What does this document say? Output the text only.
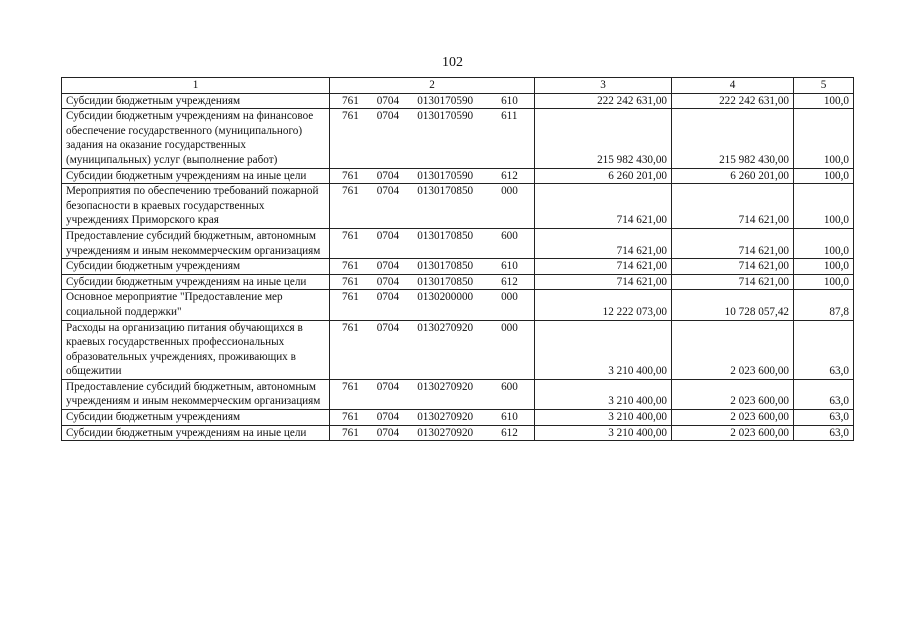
102
1	2	3	4	5
Субсидии бюджетным учреждениям	761 0704 0130170590 610	222 242 631,00	222 242 631,00	100,0
Субсидии бюджетным учреждениям на финансовое обеспечение государственного (муниципального) задания на оказание государственных (муниципальных) услуг (выполнение работ)	761 0704 0130170590 611	215 982 430,00	215 982 430,00	100,0
Субсидии бюджетным учреждениям на иные цели	761 0704 0130170590 612	6 260 201,00	6 260 201,00	100,0
Мероприятия по обеспечению требований пожарной безопасности в краевых государственных учреждениях Приморского края	761 0704 0130170850 000	714 621,00	714 621,00	100,0
Предоставление субсидий бюджетным, автономным учреждениям и иным некоммерческим организациям	761 0704 0130170850 600	714 621,00	714 621,00	100,0
Субсидии бюджетным учреждениям	761 0704 0130170850 610	714 621,00	714 621,00	100,0
Субсидии бюджетным учреждениям на иные цели	761 0704 0130170850 612	714 621,00	714 621,00	100,0
Основное мероприятие "Предоставление мер социальной поддержки"	761 0704 0130200000 000	12 222 073,00	10 728 057,42	87,8
Расходы на организацию питания обучающихся в краевых государственных профессиональных образовательных учреждениях, проживающих в общежитии	761 0704 0130270920 000	3 210 400,00	2 023 600,00	63,0
Предоставление субсидий бюджетным, автономным учреждениям и иным некоммерческим организациям	761 0704 0130270920 600	3 210 400,00	2 023 600,00	63,0
Субсидии бюджетным учреждениям	761 0704 0130270920 610	3 210 400,00	2 023 600,00	63,0
Субсидии бюджетным учреждениям на иные цели	761 0704 0130270920 612	3 210 400,00	2 023 600,00	63,0
